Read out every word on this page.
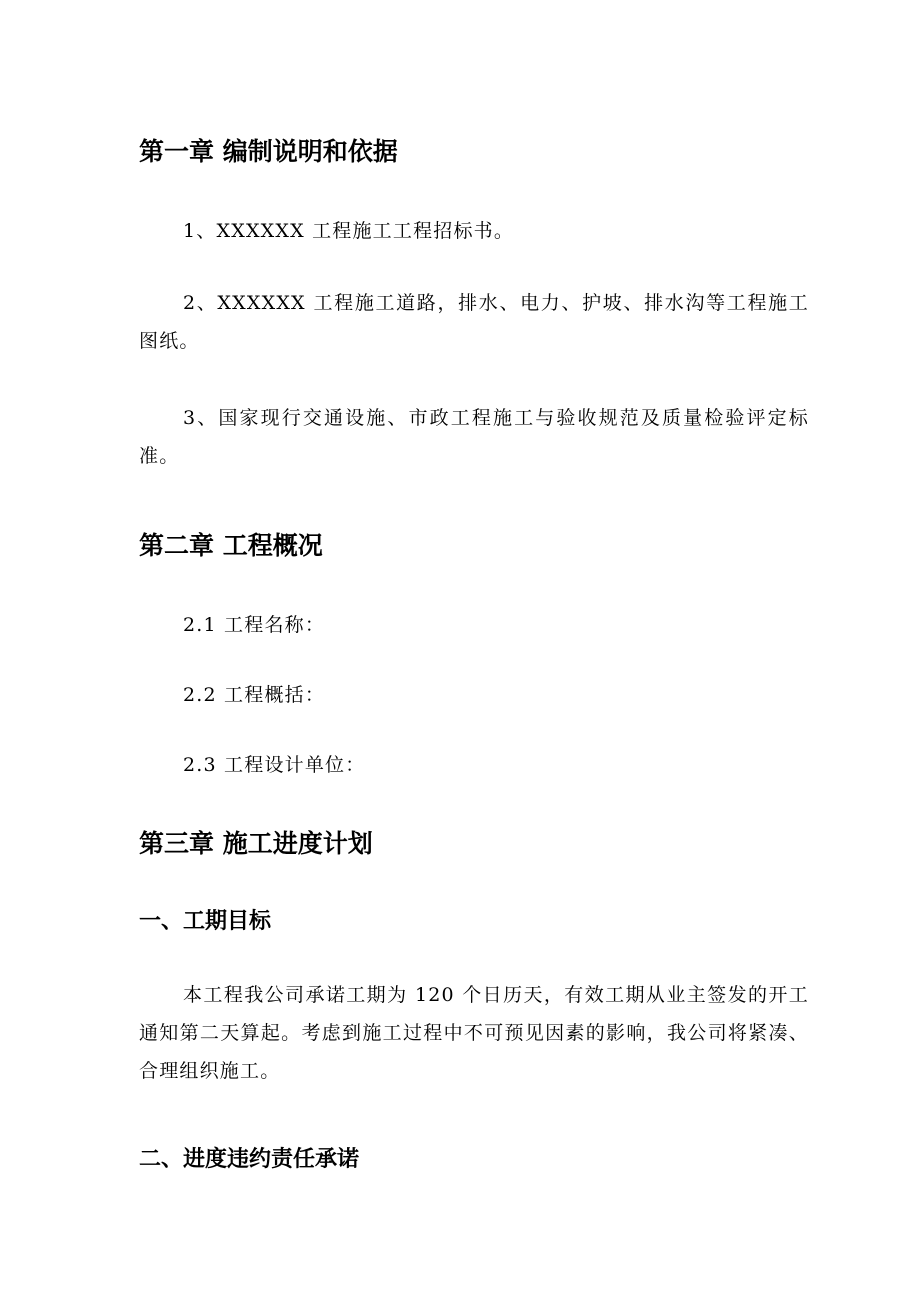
第一章 编制说明和依据

1、XXXXXX 工程施工工程招标书。

2、XXXXXX 工程施工道路，排水、电力、护坡、排水沟等工程施工图纸。

3、国家现行交通设施、市政工程施工与验收规范及质量检验评定标准。

第二章 工程概况

2.1 工程名称：

2.2 工程概括：

2.3 工程设计单位：

第三章 施工进度计划
一、工期目标

本工程我公司承诺工期为 120 个日历天，有效工期从业主签发的开工通知第二天算起。考虑到施工过程中不可预见因素的影响，我公司将紧凑、合理组织施工。

二、进度违约责任承诺
